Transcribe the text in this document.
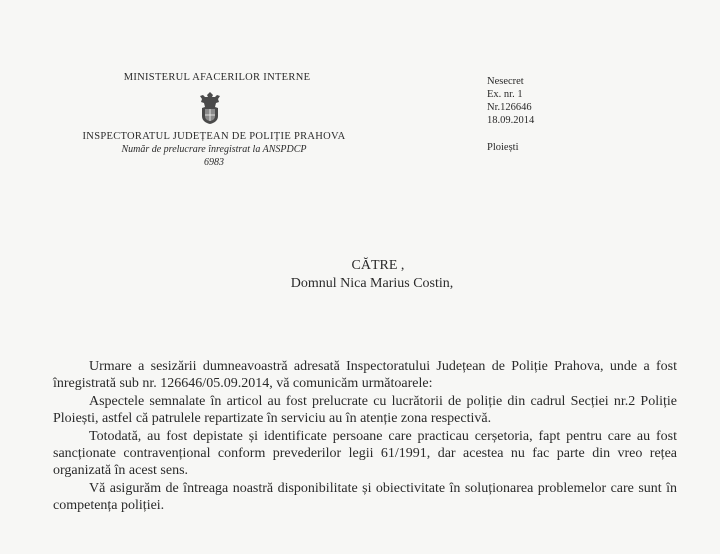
MINISTERUL AFACERILOR INTERNE
INSPECTORATUL JUDEȚEAN DE POLIȚIE PRAHOVA
Număr de prelucrare înregistrat la ANSPDCP
6983
Nesecret
Ex. nr. 1
Nr.126646
18.09.2014
Ploiești
CĂTRE ,
Domnul Nica Marius Costin,

Urmare a sesizării dumneavoastră adresată Inspectoratului Județean de Poliție Prahova, unde a fost înregistrată sub nr. 126646/05.09.2014, vă comunicăm următoarele:

Aspectele semnalate în articol au fost prelucrate cu lucrătorii de poliție din cadrul Secției nr.2 Poliție Ploiești, astfel că patrulele repartizate în serviciu au în atenție zona respectivă.

Totodată, au fost depistate și identificate persoane care practicau cerșetoria, fapt pentru care au fost sancționate contravențional conform prevederilor legii 61/1991, dar acestea nu fac parte din vreo rețea organizată în acest sens.

Vă asigurăm de întreaga noastră disponibilitate și obiectivitate în soluționarea problemelor care sunt în competența poliției.
